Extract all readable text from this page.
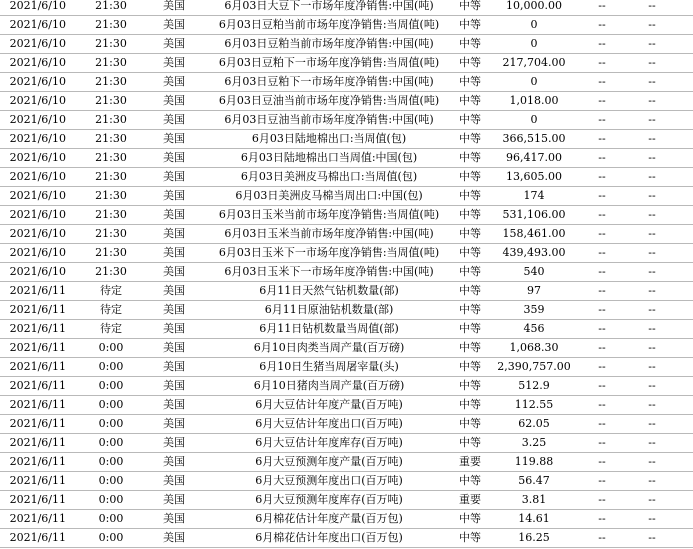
2021/6/10	21:30	美国	6月03日大豆下一市场年度净销售:中国(吨)	中等	10,000.00	--	--
2021/6/10	21:30	美国	6月03日豆粕当前市场年度净销售:当周值(吨)	中等	0	--	--
2021/6/10	21:30	美国	6月03日豆粕当前市场年度净销售:中国(吨)	中等	0	--	--
2021/6/10	21:30	美国	6月03日豆粕下一市场年度净销售:当周值(吨)	中等	217,704.00	--	--
2021/6/10	21:30	美国	6月03日豆粕下一市场年度净销售:中国(吨)	中等	0	--	--
2021/6/10	21:30	美国	6月03日豆油当前市场年度净销售:当周值(吨)	中等	1,018.00	--	--
2021/6/10	21:30	美国	6月03日豆油当前市场年度净销售:中国(吨)	中等	0	--	--
2021/6/10	21:30	美国	6月03日陆地棉出口:当周值(包)	中等	366,515.00	--	--
2021/6/10	21:30	美国	6月03日陆地棉出口当周值:中国(包)	中等	96,417.00	--	--
2021/6/10	21:30	美国	6月03日美洲皮马棉出口:当周值(包)	中等	13,605.00	--	--
2021/6/10	21:30	美国	6月03日美洲皮马棉当周出口:中国(包)	中等	174	--	--
2021/6/10	21:30	美国	6月03日玉米当前市场年度净销售:当周值(吨)	中等	531,106.00	--	--
2021/6/10	21:30	美国	6月03日玉米当前市场年度净销售:中国(吨)	中等	158,461.00	--	--
2021/6/10	21:30	美国	6月03日玉米下一市场年度净销售:当周值(吨)	中等	439,493.00	--	--
2021/6/10	21:30	美国	6月03日玉米下一市场年度净销售:中国(吨)	中等	540	--	--
2021/6/11	待定	美国	6月11日天然气钻机数量(部)	中等	97	--	--
2021/6/11	待定	美国	6月11日原油钻机数量(部)	中等	359	--	--
2021/6/11	待定	美国	6月11日钻机数量当周值(部)	中等	456	--	--
2021/6/11	0:00	美国	6月10日肉类当周产量(百万磅)	中等	1,068.30	--	--
2021/6/11	0:00	美国	6月10日生猪当周屠宰量(头)	中等	2,390,757.00	--	--
2021/6/11	0:00	美国	6月10日猪肉当周产量(百万磅)	中等	512.9	--	--
2021/6/11	0:00	美国	6月大豆估计年度产量(百万吨)	中等	112.55	--	--
2021/6/11	0:00	美国	6月大豆估计年度出口(百万吨)	中等	62.05	--	--
2021/6/11	0:00	美国	6月大豆估计年度库存(百万吨)	中等	3.25	--	--
2021/6/11	0:00	美国	6月大豆预测年度产量(百万吨)	重要	119.88	--	--
2021/6/11	0:00	美国	6月大豆预测年度出口(百万吨)	中等	56.47	--	--
2021/6/11	0:00	美国	6月大豆预测年度库存(百万吨)	重要	3.81	--	--
2021/6/11	0:00	美国	6月棉花估计年度产量(百万包)	中等	14.61	--	--
2021/6/11	0:00	美国	6月棉花估计年度出口(百万包)	中等	16.25	--	--
